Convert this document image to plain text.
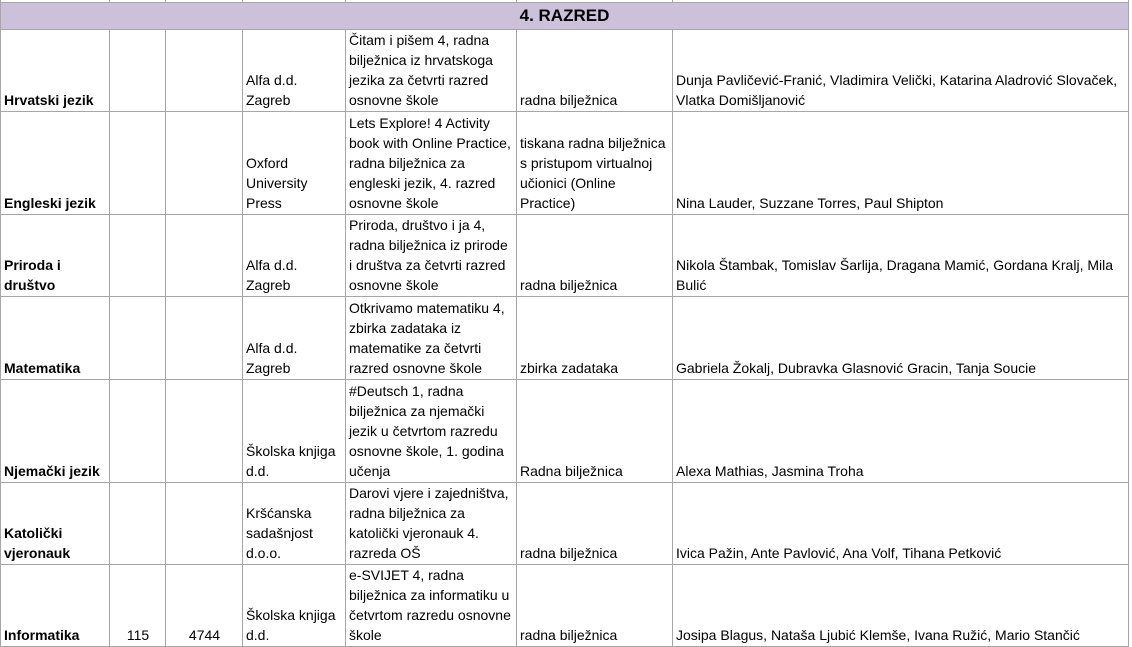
4. RAZRED						
Hrvatski jezik			Alfa d.d. Zagreb	Čitam i pišem 4, radna bilježnica iz hrvatskoga jezika za četvrti razred osnovne škole	radna bilježnica	Dunja Pavličević-Franić, Vladimira Velički, Katarina Aladrović Slovaček, Vlatka Domišljanović
Engleski jezik			Oxford University Press	Lets Explore! 4 Activity book with Online Practice, radna bilježnica za engleski jezik, 4. razred osnovne škole	tiskana radna bilježnica s pristupom virtualnoj učionici (Online Practice)	Nina Lauder, Suzzane Torres, Paul Shipton
Priroda i društvo			Alfa d.d. Zagreb	Priroda, društvo i ja 4, radna bilježnica iz prirode i društva za četvrti razred osnovne škole	radna bilježnica	Nikola Štambak, Tomislav Šarlija, Dragana Mamić, Gordana Kralj, Mila Bulić
Matematika			Alfa d.d. Zagreb	Otkrivamo matematiku 4, zbirka zadataka iz matematike za četvrti razred osnovne škole	zbirka zadataka	Gabriela Žokalj, Dubravka Glasnović Gracin, Tanja Soucie
Njemački jezik			Školska knjiga d.d.	#Deutsch 1, radna bilježnica za njemački jezik u četvrtom razredu osnovne škole, 1. godina učenja	Radna bilježnica	Alexa Mathias, Jasmina Troha
Katolički vjeronauk			Kršćanska sadašnjost d.o.o.	Darovi vjere i zajedništva, radna bilježnica za katolički vjeronauk 4. razreda OŠ	radna bilježnica	Ivica Pažin, Ante Pavlović, Ana Volf, Tihana Petković
Informatika	115	4744	Školska knjiga d.d.	e-SVIJET 4, radna bilježnica za informatiku u četvrtom razredu osnovne škole	radna bilježnica	Josipa Blagus, Nataša Ljubić Klemše, Ivana Ružić, Mario Stančić
